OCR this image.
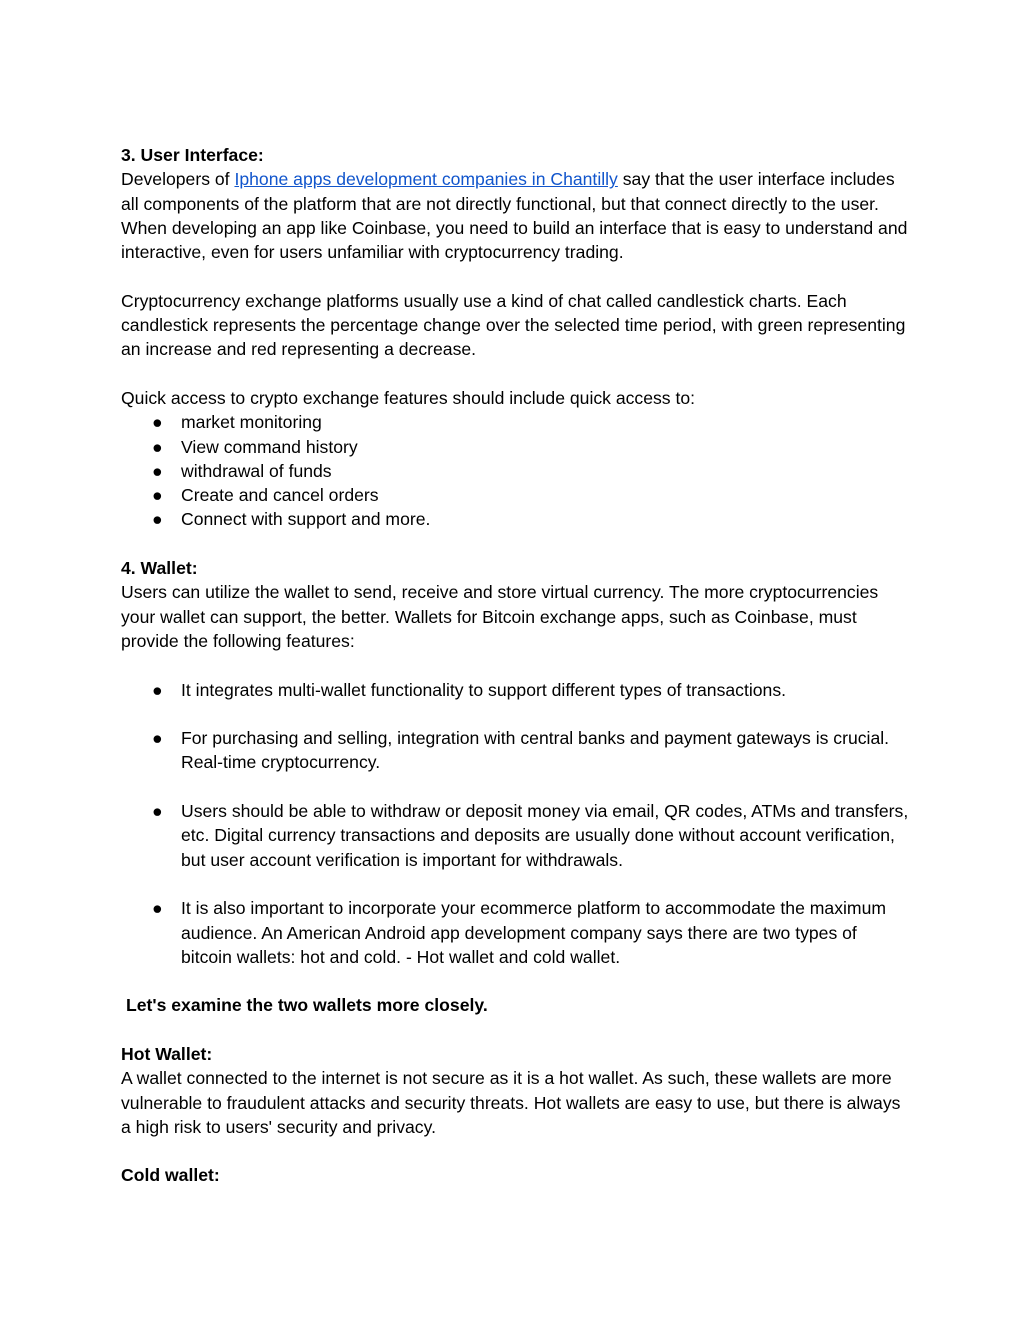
3. User Interface:

Developers of Iphone apps development companies in Chantilly say that the user interface includes all components of the platform that are not directly functional, but that connect directly to the user. When developing an app like Coinbase, you need to build an interface that is easy to understand and interactive, even for users unfamiliar with cryptocurrency trading.

Cryptocurrency exchange platforms usually use a kind of chat called candlestick charts. Each candlestick represents the percentage change over the selected time period, with green representing an increase and red representing a decrease.

Quick access to crypto exchange features should include quick access to:

● market monitoring
● View command history
● withdrawal of funds
● Create and cancel orders
● Connect with support and more.

4. Wallet:

Users can utilize the wallet to send, receive and store virtual currency. The more cryptocurrencies your wallet can support, the better. Wallets for Bitcoin exchange apps, such as Coinbase, must provide the following features:

● It integrates multi-wallet functionality to support different types of transactions.
● For purchasing and selling, integration with central banks and payment gateways is crucial. Real-time cryptocurrency.
● Users should be able to withdraw or deposit money via email, QR codes, ATMs and transfers, etc. Digital currency transactions and deposits are usually done without account verification, but user account verification is important for withdrawals.
● It is also important to incorporate your ecommerce platform to accommodate the maximum audience. An American Android app development company says there are two types of bitcoin wallets: hot and cold. - Hot wallet and cold wallet.

Let's examine the two wallets more closely.

Hot Wallet:

A wallet connected to the internet is not secure as it is a hot wallet. As such, these wallets are more vulnerable to fraudulent attacks and security threats. Hot wallets are easy to use, but there is always a high risk to users' security and privacy.

Cold wallet:
